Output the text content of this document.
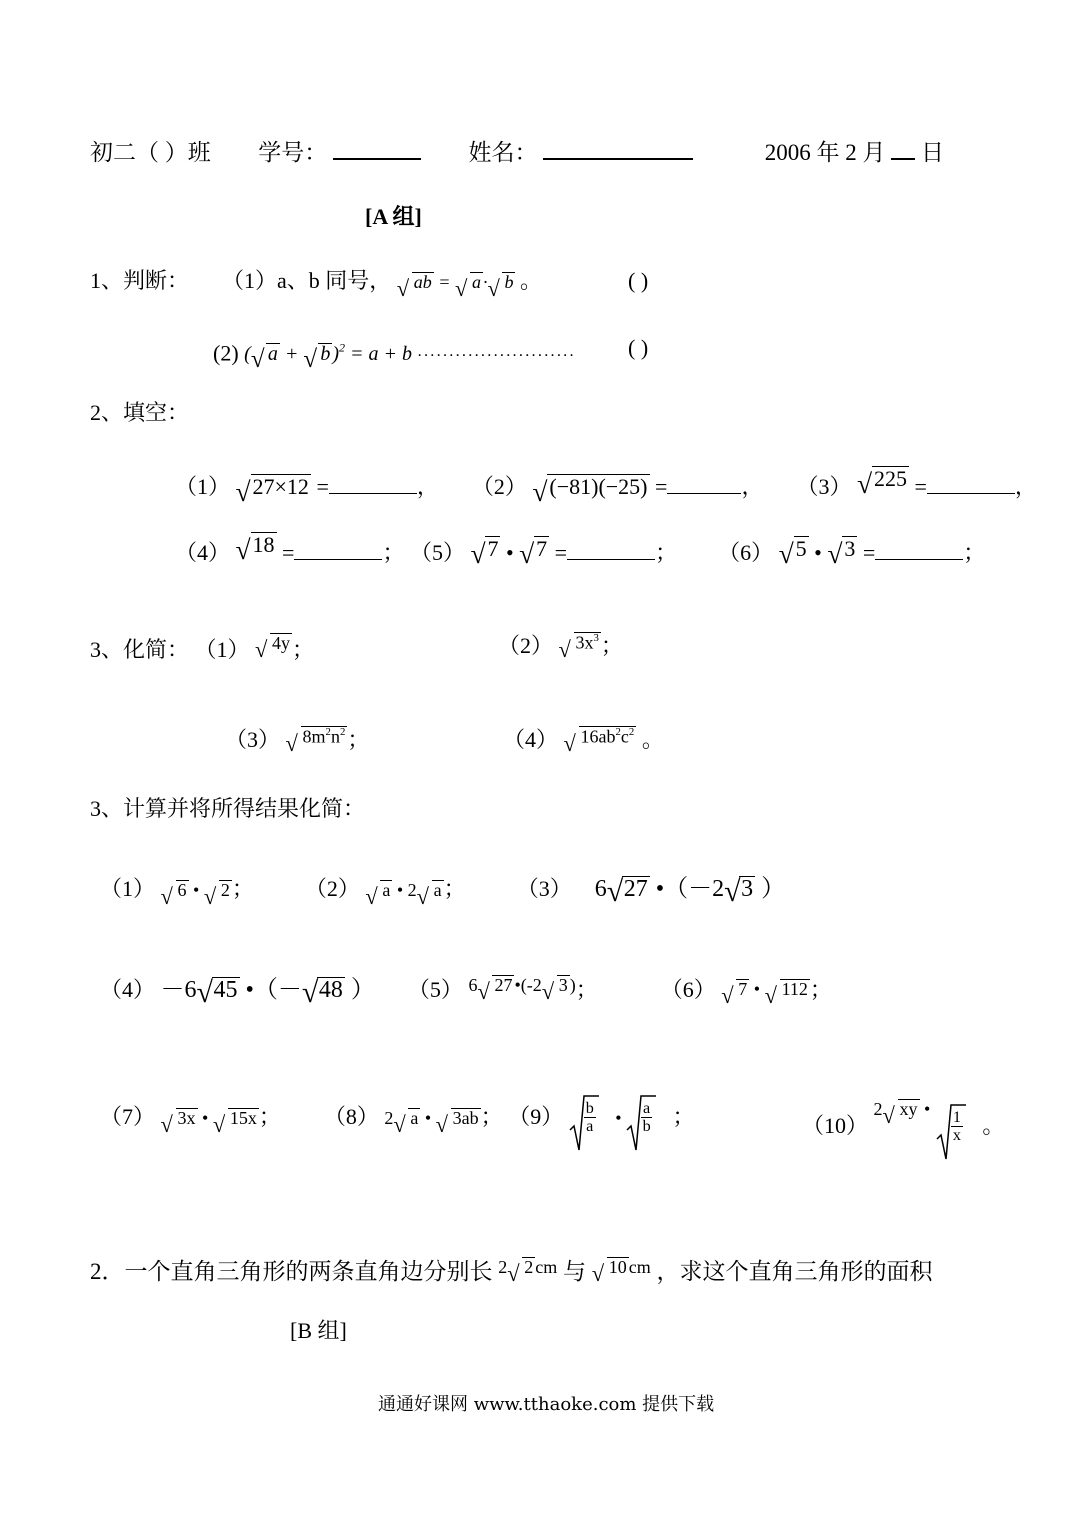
初二（ ）班 学号：	姓名：	2006 年 2 月 日
[A 组]
1、判断： （1）a、b 同号， √ ab = √ a · √ b 。	( )
(2) ( √ a + √ b )$^2$ = a + b ························· ( )
2、填空：
（1） √ 27×12 =	， （2） √ (−81)(−25) =	， （3） √ 225 =	，
（4） √ 18 =	； （5） √ 7 • √ 7 =	； （6） √ 5 • √ 3 =	；
3、化简： （1） √ 4y；	（2） √ $3x^3$；
（3） √ $8m^2n^2$；	（4） √ $16ab^2c^2$ 。
3、计算并将所得结果化简：
（1） √ 6 • √ 2；  （2） √ a • 2 √ a；  （3） 6 √ 27 •（－2 √ 3 ）
（4） －6 √ 45 •（－ √ 48 ） （5） $^{6 √ 27 •(-2 √ 3 )}$；	（6） √ 7 • √ 112；
（7） √ 3x • √ 15x；  （8） 2 √ a • √ 3ab； $(9) \frac{b}{a}$ • $\frac{a}{b}$ ；	（10） $^{2 √ xy •} \frac{1}{x}$ 。
2．一个直角三角形的两条直角边分别长 $^{2 √ 2 cm}$ 与 √ $^{10 cm}$ ，求这个直角三角形的面积
[B 组]
通通好课网 www.tthaoke.com 提供下载
